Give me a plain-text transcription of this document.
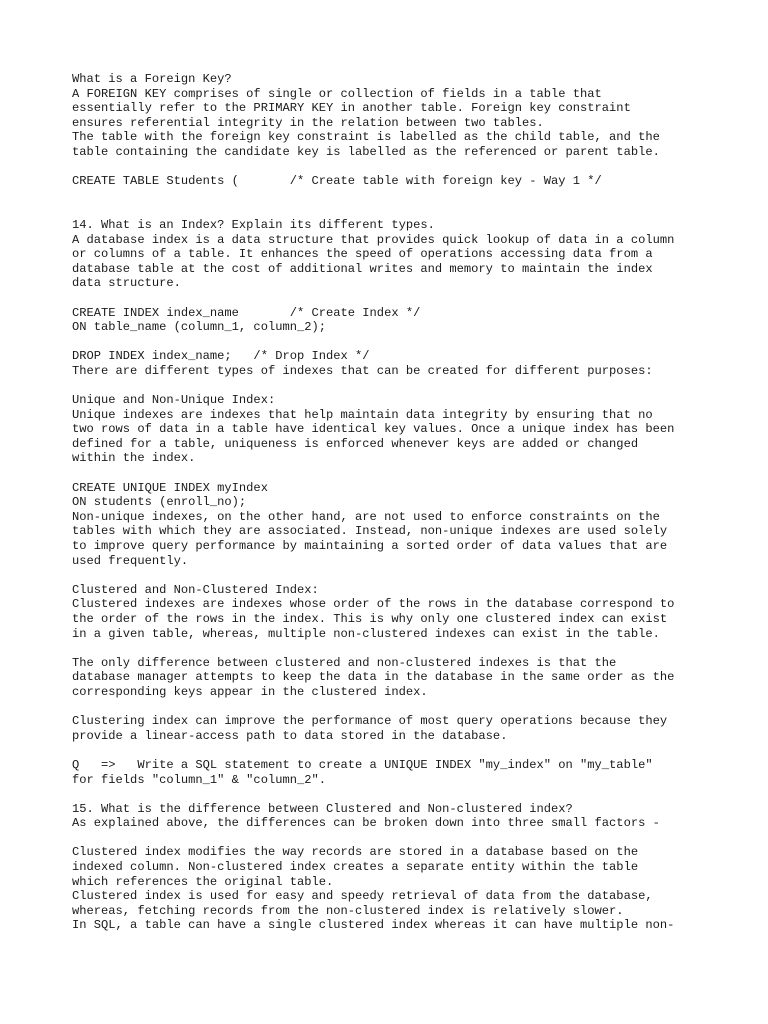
What is a Foreign Key?
A FOREIGN KEY comprises of single or collection of fields in a table that
essentially refer to the PRIMARY KEY in another table. Foreign key constraint
ensures referential integrity in the relation between two tables.
The table with the foreign key constraint is labelled as the child table, and the
table containing the candidate key is labelled as the referenced or parent table.
CREATE TABLE Students (       /* Create table with foreign key - Way 1 */
14. What is an Index? Explain its different types.
A database index is a data structure that provides quick lookup of data in a column
or columns of a table. It enhances the speed of operations accessing data from a
database table at the cost of additional writes and memory to maintain the index
data structure.
CREATE INDEX index_name       /* Create Index */
ON table_name (column_1, column_2);
DROP INDEX index_name;   /* Drop Index */
There are different types of indexes that can be created for different purposes:
Unique and Non-Unique Index:
Unique indexes are indexes that help maintain data integrity by ensuring that no
two rows of data in a table have identical key values. Once a unique index has been
defined for a table, uniqueness is enforced whenever keys are added or changed
within the index.
CREATE UNIQUE INDEX myIndex
ON students (enroll_no);
Non-unique indexes, on the other hand, are not used to enforce constraints on the
tables with which they are associated. Instead, non-unique indexes are used solely
to improve query performance by maintaining a sorted order of data values that are
used frequently.
Clustered and Non-Clustered Index:
Clustered indexes are indexes whose order of the rows in the database correspond to
the order of the rows in the index. This is why only one clustered index can exist
in a given table, whereas, multiple non-clustered indexes can exist in the table.
The only difference between clustered and non-clustered indexes is that the
database manager attempts to keep the data in the database in the same order as the
corresponding keys appear in the clustered index.
Clustering index can improve the performance of most query operations because they
provide a linear-access path to data stored in the database.
Q   =>   Write a SQL statement to create a UNIQUE INDEX "my_index" on "my_table"
for fields "column_1" & "column_2".
15. What is the difference between Clustered and Non-clustered index?
As explained above, the differences can be broken down into three small factors -
Clustered index modifies the way records are stored in a database based on the
indexed column. Non-clustered index creates a separate entity within the table
which references the original table.
Clustered index is used for easy and speedy retrieval of data from the database,
whereas, fetching records from the non-clustered index is relatively slower.
In SQL, a table can have a single clustered index whereas it can have multiple non-
